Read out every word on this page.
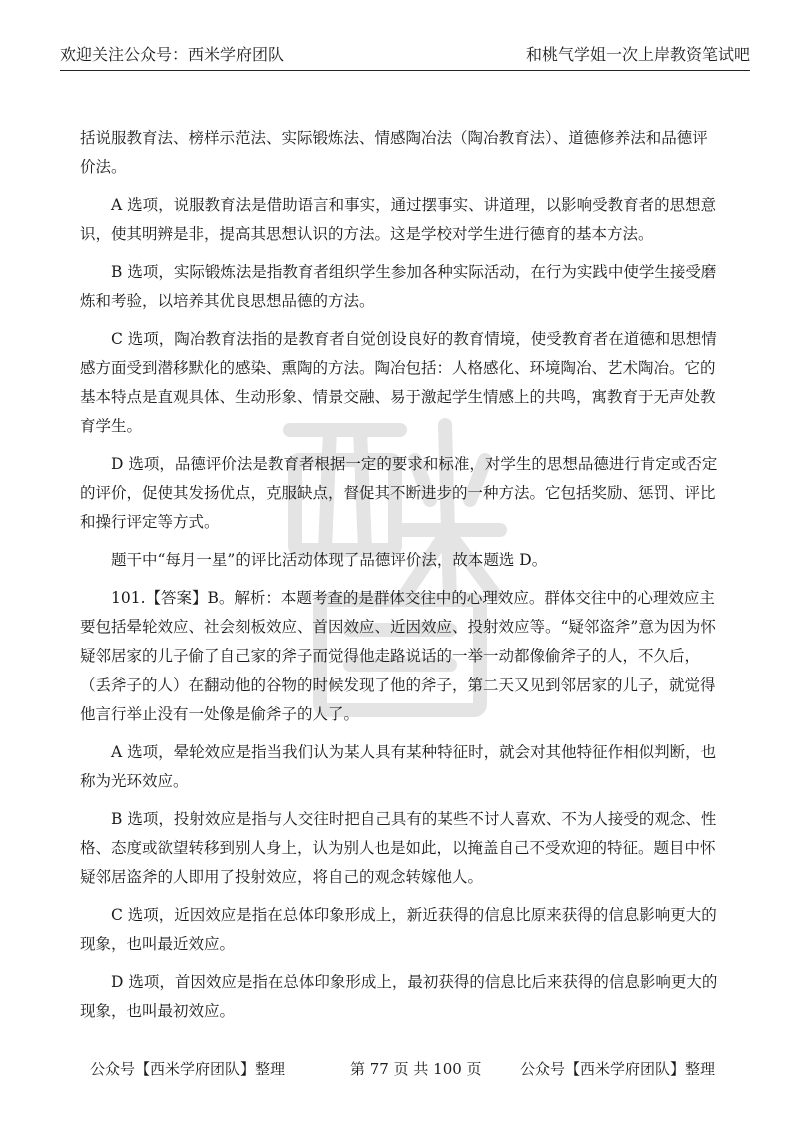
欢迎关注公众号：西米学府团队	和桃气学姐一次上岸教资笔试吧

括说服教育法、榜样示范法、实际锻炼法、情感陶冶法（陶冶教育法）、道德修养法和品德评价法。

A 选项，说服教育法是借助语言和事实，通过摆事实、讲道理，以影响受教育者的思想意识，使其明辨是非，提高其思想认识的方法。这是学校对学生进行德育的基本方法。

B 选项，实际锻炼法是指教育者组织学生参加各种实际活动，在行为实践中使学生接受磨炼和考验，以培养其优良思想品德的方法。

C 选项，陶冶教育法指的是教育者自觉创设良好的教育情境，使受教育者在道德和思想情感方面受到潜移默化的感染、熏陶的方法。陶冶包括：人格感化、环境陶冶、艺术陶冶。它的基本特点是直观具体、生动形象、情景交融、易于激起学生情感上的共鸣，寓教育于无声处教育学生。

D 选项，品德评价法是教育者根据一定的要求和标准，对学生的思想品德进行肯定或否定的评价，促使其发扬优点，克服缺点，督促其不断进步的一种方法。它包括奖励、惩罚、评比和操行评定等方式。

题干中“每月一星”的评比活动体现了品德评价法，故本题选 D。

101.【答案】B。解析：本题考查的是群体交往中的心理效应。群体交往中的心理效应主要包括晕轮效应、社会刻板效应、首因效应、近因效应、投射效应等。“疑邻盗斧”意为因为怀疑邻居家的儿子偷了自己家的斧子而觉得他走路说话的一举一动都像偷斧子的人，不久后，（丢斧子的人）在翻动他的谷物的时候发现了他的斧子，第二天又见到邻居家的儿子，就觉得他言行举止没有一处像是偷斧子的人了。

A 选项，晕轮效应是指当我们认为某人具有某种特征时，就会对其他特征作相似判断，也称为光环效应。

B 选项，投射效应是指与人交往时把自己具有的某些不讨人喜欢、不为人接受的观念、性格、态度或欲望转移到别人身上，认为别人也是如此，以掩盖自己不受欢迎的特征。题目中怀疑邻居盗斧的人即用了投射效应，将自己的观念转嫁他人。

C 选项，近因效应是指在总体印象形成上，新近获得的信息比原来获得的信息影响更大的现象，也叫最近效应。

D 选项，首因效应是指在总体印象形成上，最初获得的信息比后来获得的信息影响更大的现象，也叫最初效应。

公众号【西米学府团队】整理	第 77 页 共 100 页	公众号【西米学府团队】整理
